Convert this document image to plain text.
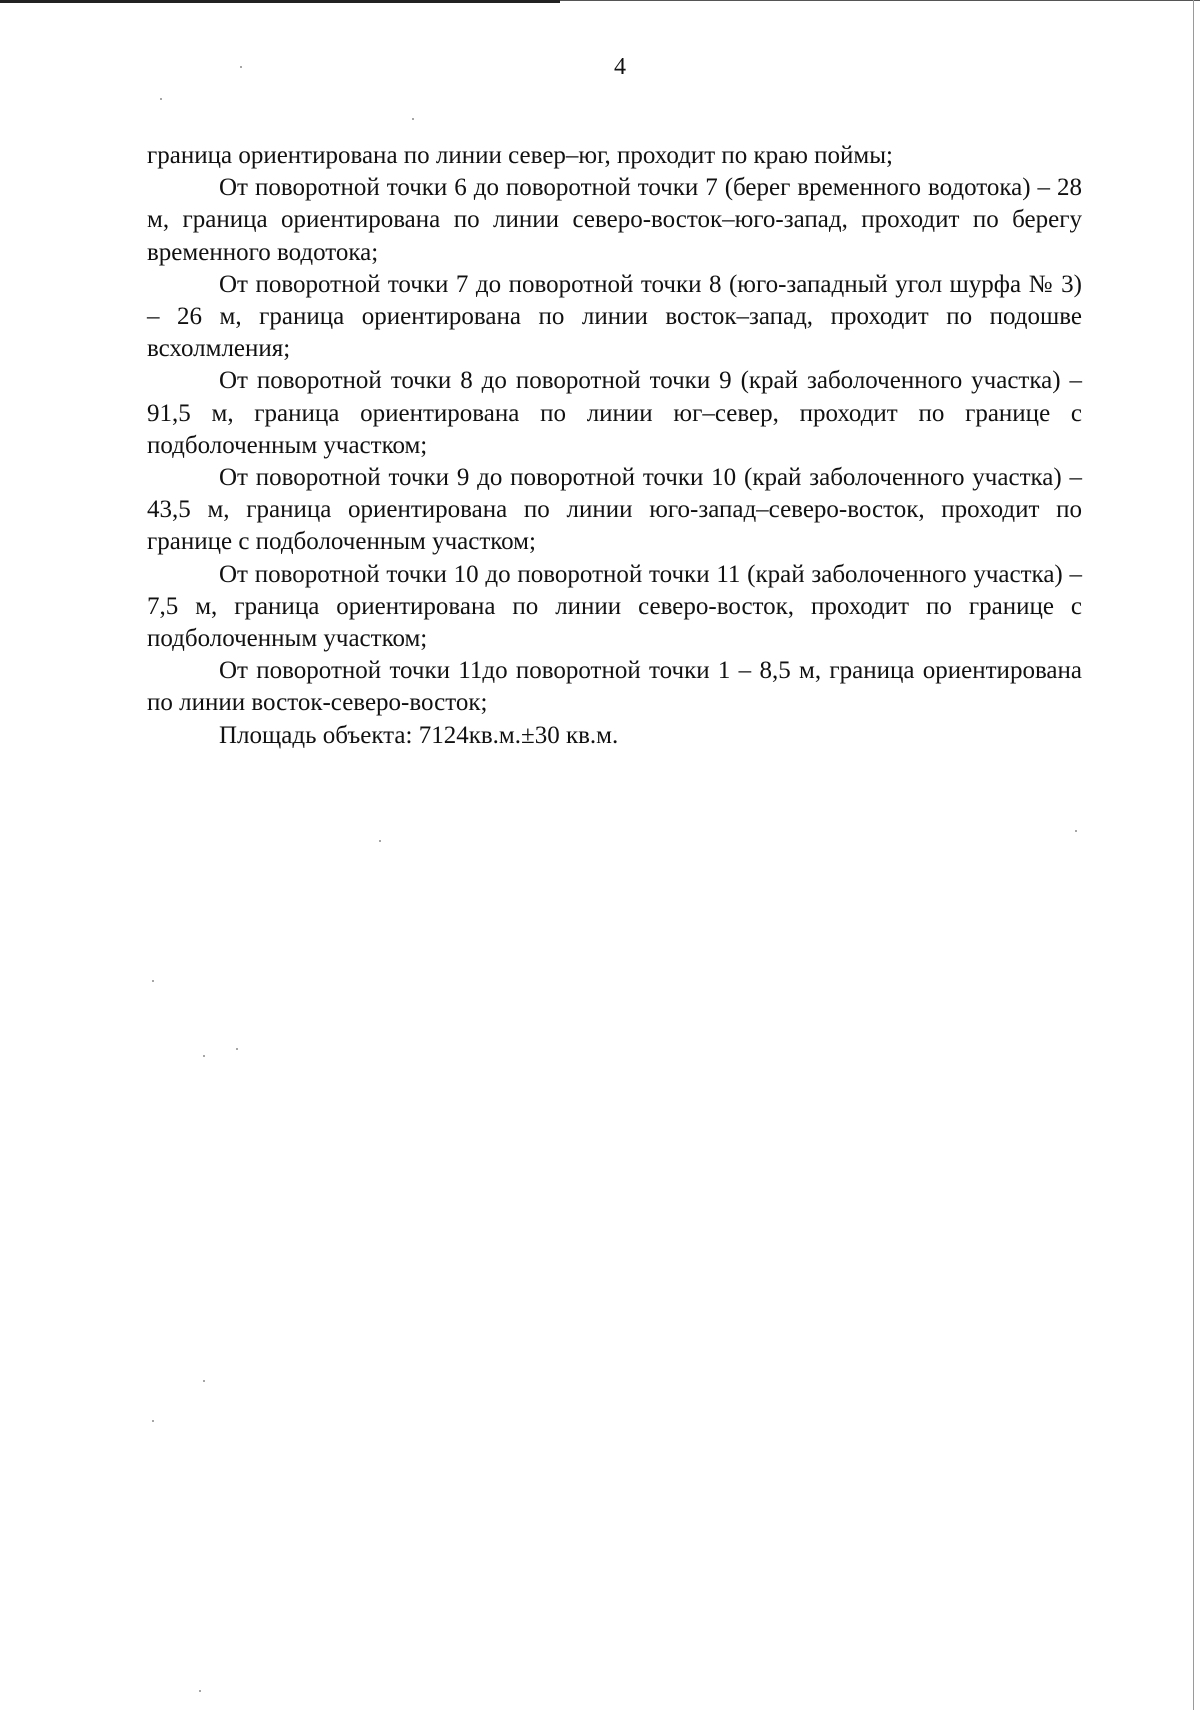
4

граница ориентирована по линии север–юг, проходит по краю поймы;

От поворотной точки 6 до поворотной точки 7 (берег временного водотока) – 28 м, граница ориентирована по линии северо-восток–юго-запад, проходит по берегу временного водотока;

От поворотной точки 7 до поворотной точки 8 (юго-западный угол шурфа № 3) – 26 м, граница ориентирована по линии восток–запад, проходит по подошве всхолмления;

От поворотной точки 8 до поворотной точки 9 (край заболоченного участка) – 91,5 м, граница ориентирована по линии юг–север, проходит по границе с подболоченным участком;

От поворотной точки 9 до поворотной точки 10 (край заболоченного участка) – 43,5 м, граница ориентирована по линии юго-запад–северо-восток, проходит по границе с подболоченным участком;

От поворотной точки 10 до поворотной точки 11 (край заболоченного участка) – 7,5 м, граница ориентирована по линии северо-восток, проходит по границе с подболоченным участком;

От поворотной точки 11до поворотной точки 1 – 8,5 м, граница ориентирована по линии восток-северо-восток;

Площадь объекта: 7124кв.м.±30 кв.м.
